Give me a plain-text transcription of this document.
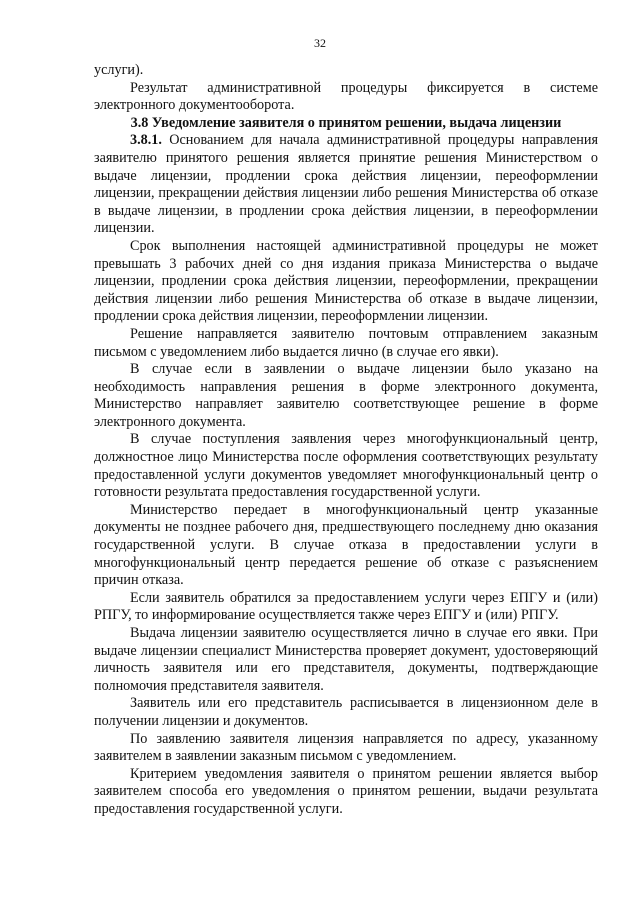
32

услуги).

Результат административной процедуры фиксируется в системе электронного документооборота.

3.8 Уведомление заявителя о принятом решении, выдача лицензии

3.8.1. Основанием для начала административной процедуры направления заявителю принятого решения является принятие решения Министерством о выдаче лицензии, продлении срока действия лицензии, переоформлении лицензии, прекращении действия лицензии либо решения Министерства об отказе в выдаче лицензии, в продлении срока действия лицензии, в переоформлении лицензии.

Срок выполнения настоящей административной процедуры не может превышать 3 рабочих дней со дня издания приказа Министерства о выдаче лицензии, продлении срока действия лицензии, переоформлении, прекращении действия лицензии либо решения Министерства об отказе в выдаче лицензии, продлении срока действия лицензии, переоформлении лицензии.

Решение направляется заявителю почтовым отправлением заказным письмом с уведомлением либо выдается лично (в случае его явки).

В случае если в заявлении о выдаче лицензии было указано на необходимость направления решения в форме электронного документа, Министерство направляет заявителю соответствующее решение в форме электронного документа.

В случае поступления заявления через многофункциональный центр, должностное лицо Министерства после оформления соответствующих результату предоставленной услуги документов уведомляет многофункциональный центр о готовности результата предоставления государственной услуги.

Министерство передает в многофункциональный центр указанные документы не позднее рабочего дня, предшествующего последнему дню оказания государственной услуги. В случае отказа в предоставлении услуги в многофункциональный центр передается решение об отказе с разъяснением причин отказа.

Если заявитель обратился за предоставлением услуги через ЕПГУ и (или) РПГУ, то информирование осуществляется также через ЕПГУ и (или) РПГУ.

Выдача лицензии заявителю осуществляется лично в случае его явки. При выдаче лицензии специалист Министерства проверяет документ, удостоверяющий личность заявителя или его представителя, документы, подтверждающие полномочия представителя заявителя.

Заявитель или его представитель расписывается в лицензионном деле в получении лицензии и документов.

По заявлению заявителя лицензия направляется по адресу, указанному заявителем в заявлении заказным письмом с уведомлением.

Критерием уведомления заявителя о принятом решении является выбор заявителем способа его уведомления о принятом решении, выдачи результата предоставления государственной услуги.
